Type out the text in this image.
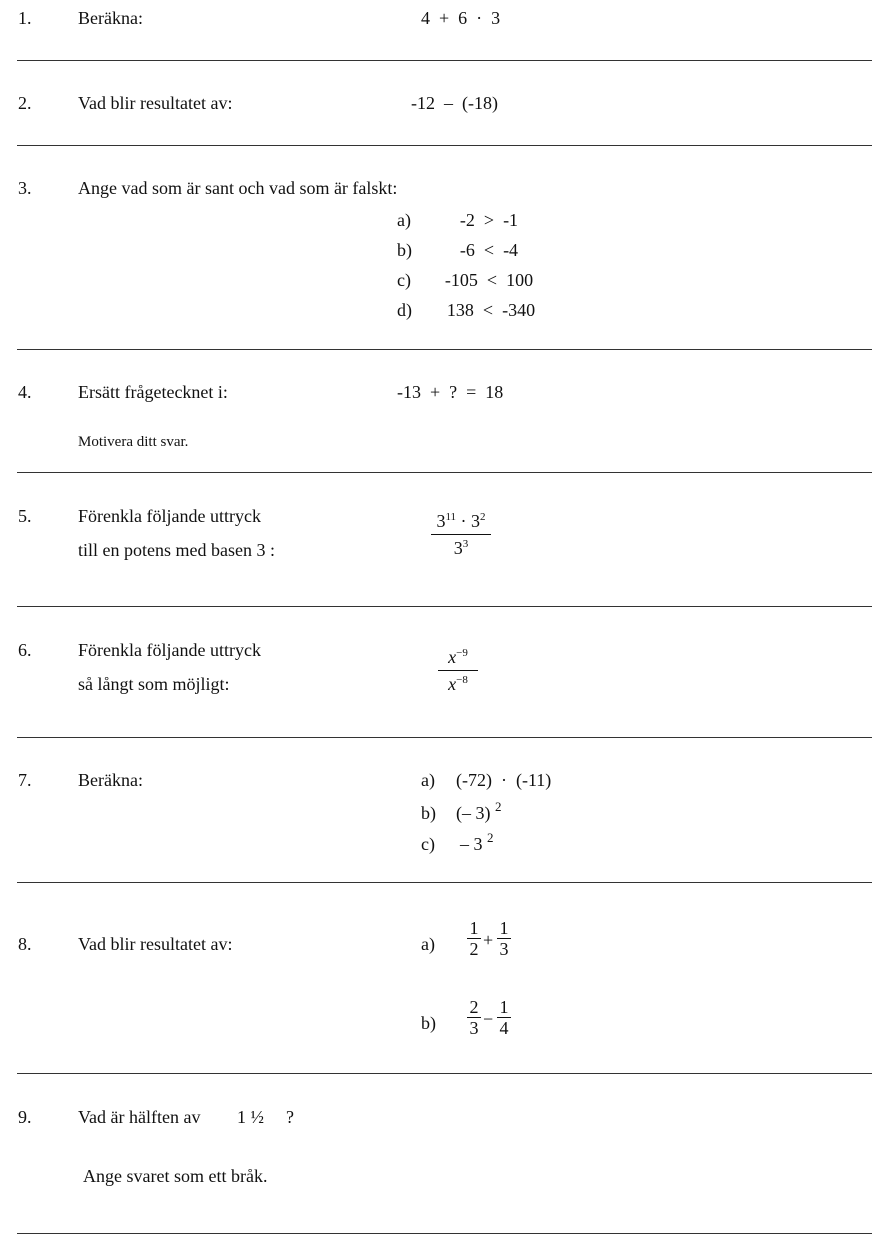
1.	Beräkna:	4  +  6  ·  3
2.	Vad blir resultatet av:	-12  –  (-18)
3.	Ange vad som är sant och vad som är falskt:
a)	-2  >  -1
b)	-6  <  -4
c)	-105  <  100
d)	138  <  -340
4.	Ersätt frågetecknet i:	-13  +  ?  =  18
Motivera ditt svar.
5.	Förenkla följande uttryck
till en potens med basen 3 :
$3^{11} \cdot 3^2$
$3^3$
6.	Förenkla följande uttryck
så långt som möjligt:
$x^{-9}$
$x^{-8}$
7.	Beräkna:	a) (-72)  ·  (-11)
b) (– 3) $^2$
c) – 3 $^2$
8.	Vad blir resultatet av:	a)
1
2 +
1
3
b)
2
3 −
1
4
9.	Vad är hälften av 1 ½ ?
Ange svaret som ett bråk.
